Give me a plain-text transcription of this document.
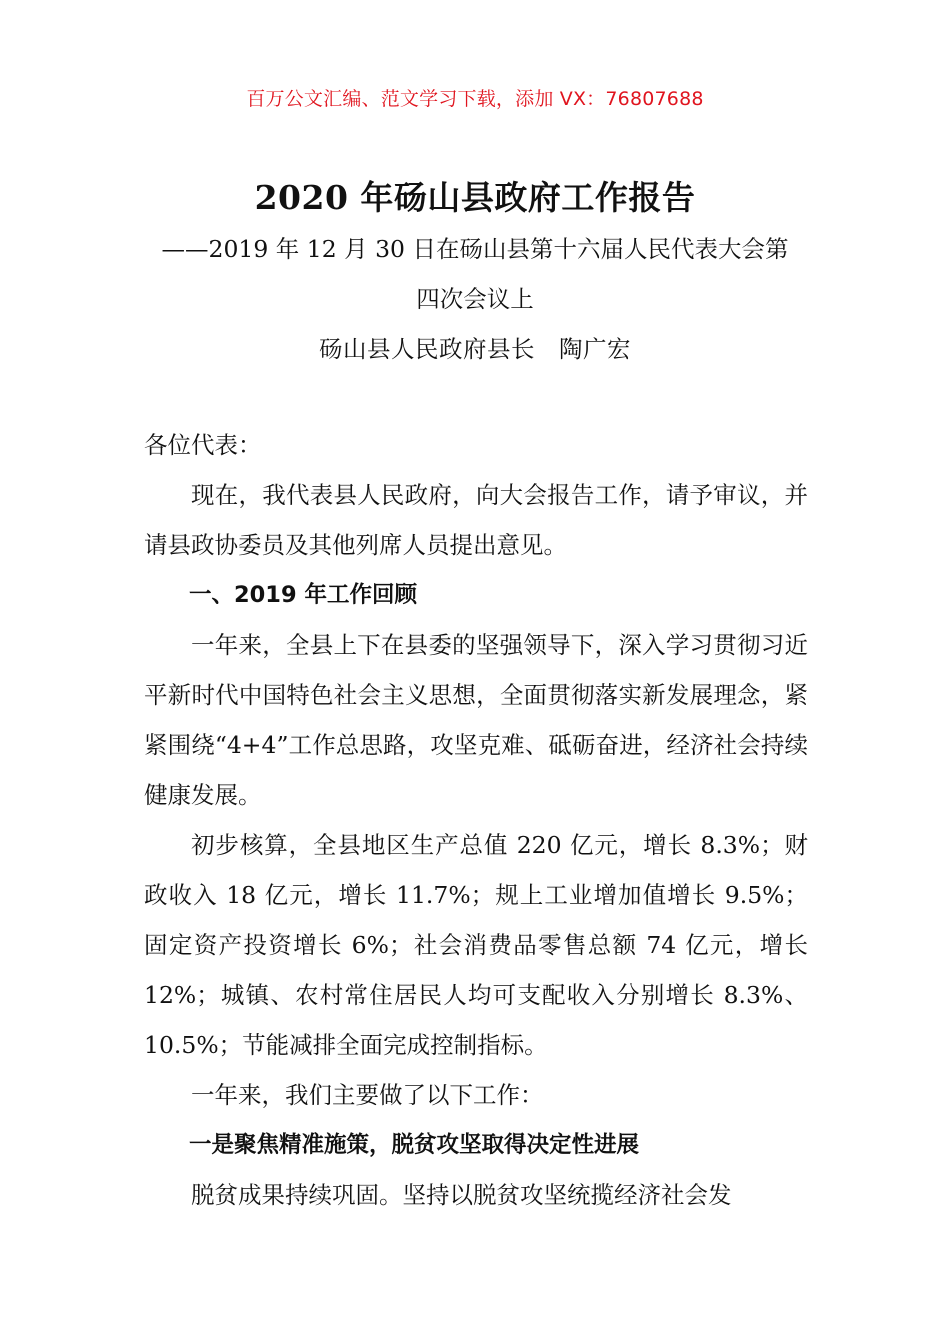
百万公文汇编、范文学习下载，添加 VX：76807688
2020 年砀山县政府工作报告
——2019 年 12 月 30 日在砀山县第十六届人民代表大会第
四次会议上
砀山县人民政府县长　陶广宏

各位代表：

现在，我代表县人民政府，向大会报告工作，请予审议，并请县政协委员及其他列席人员提出意见。

一、2019 年工作回顾

一年来，全县上下在县委的坚强领导下，深入学习贯彻习近平新时代中国特色社会主义思想，全面贯彻落实新发展理念，紧紧围绕“4+4”工作总思路，攻坚克难、砥砺奋进，经济社会持续健康发展。

初步核算，全县地区生产总值 220 亿元，增长 8.3%；财政收入 18 亿元，增长 11.7%；规上工业增加值增长 9.5%；固定资产投资增长 6%；社会消费品零售总额 74 亿元，增长 12%；城镇、农村常住居民人均可支配收入分别增长 8.3%、10.5%；节能减排全面完成控制指标。

一年来，我们主要做了以下工作：

一是聚焦精准施策，脱贫攻坚取得决定性进展

脱贫成果持续巩固。坚持以脱贫攻坚统揽经济社会发
